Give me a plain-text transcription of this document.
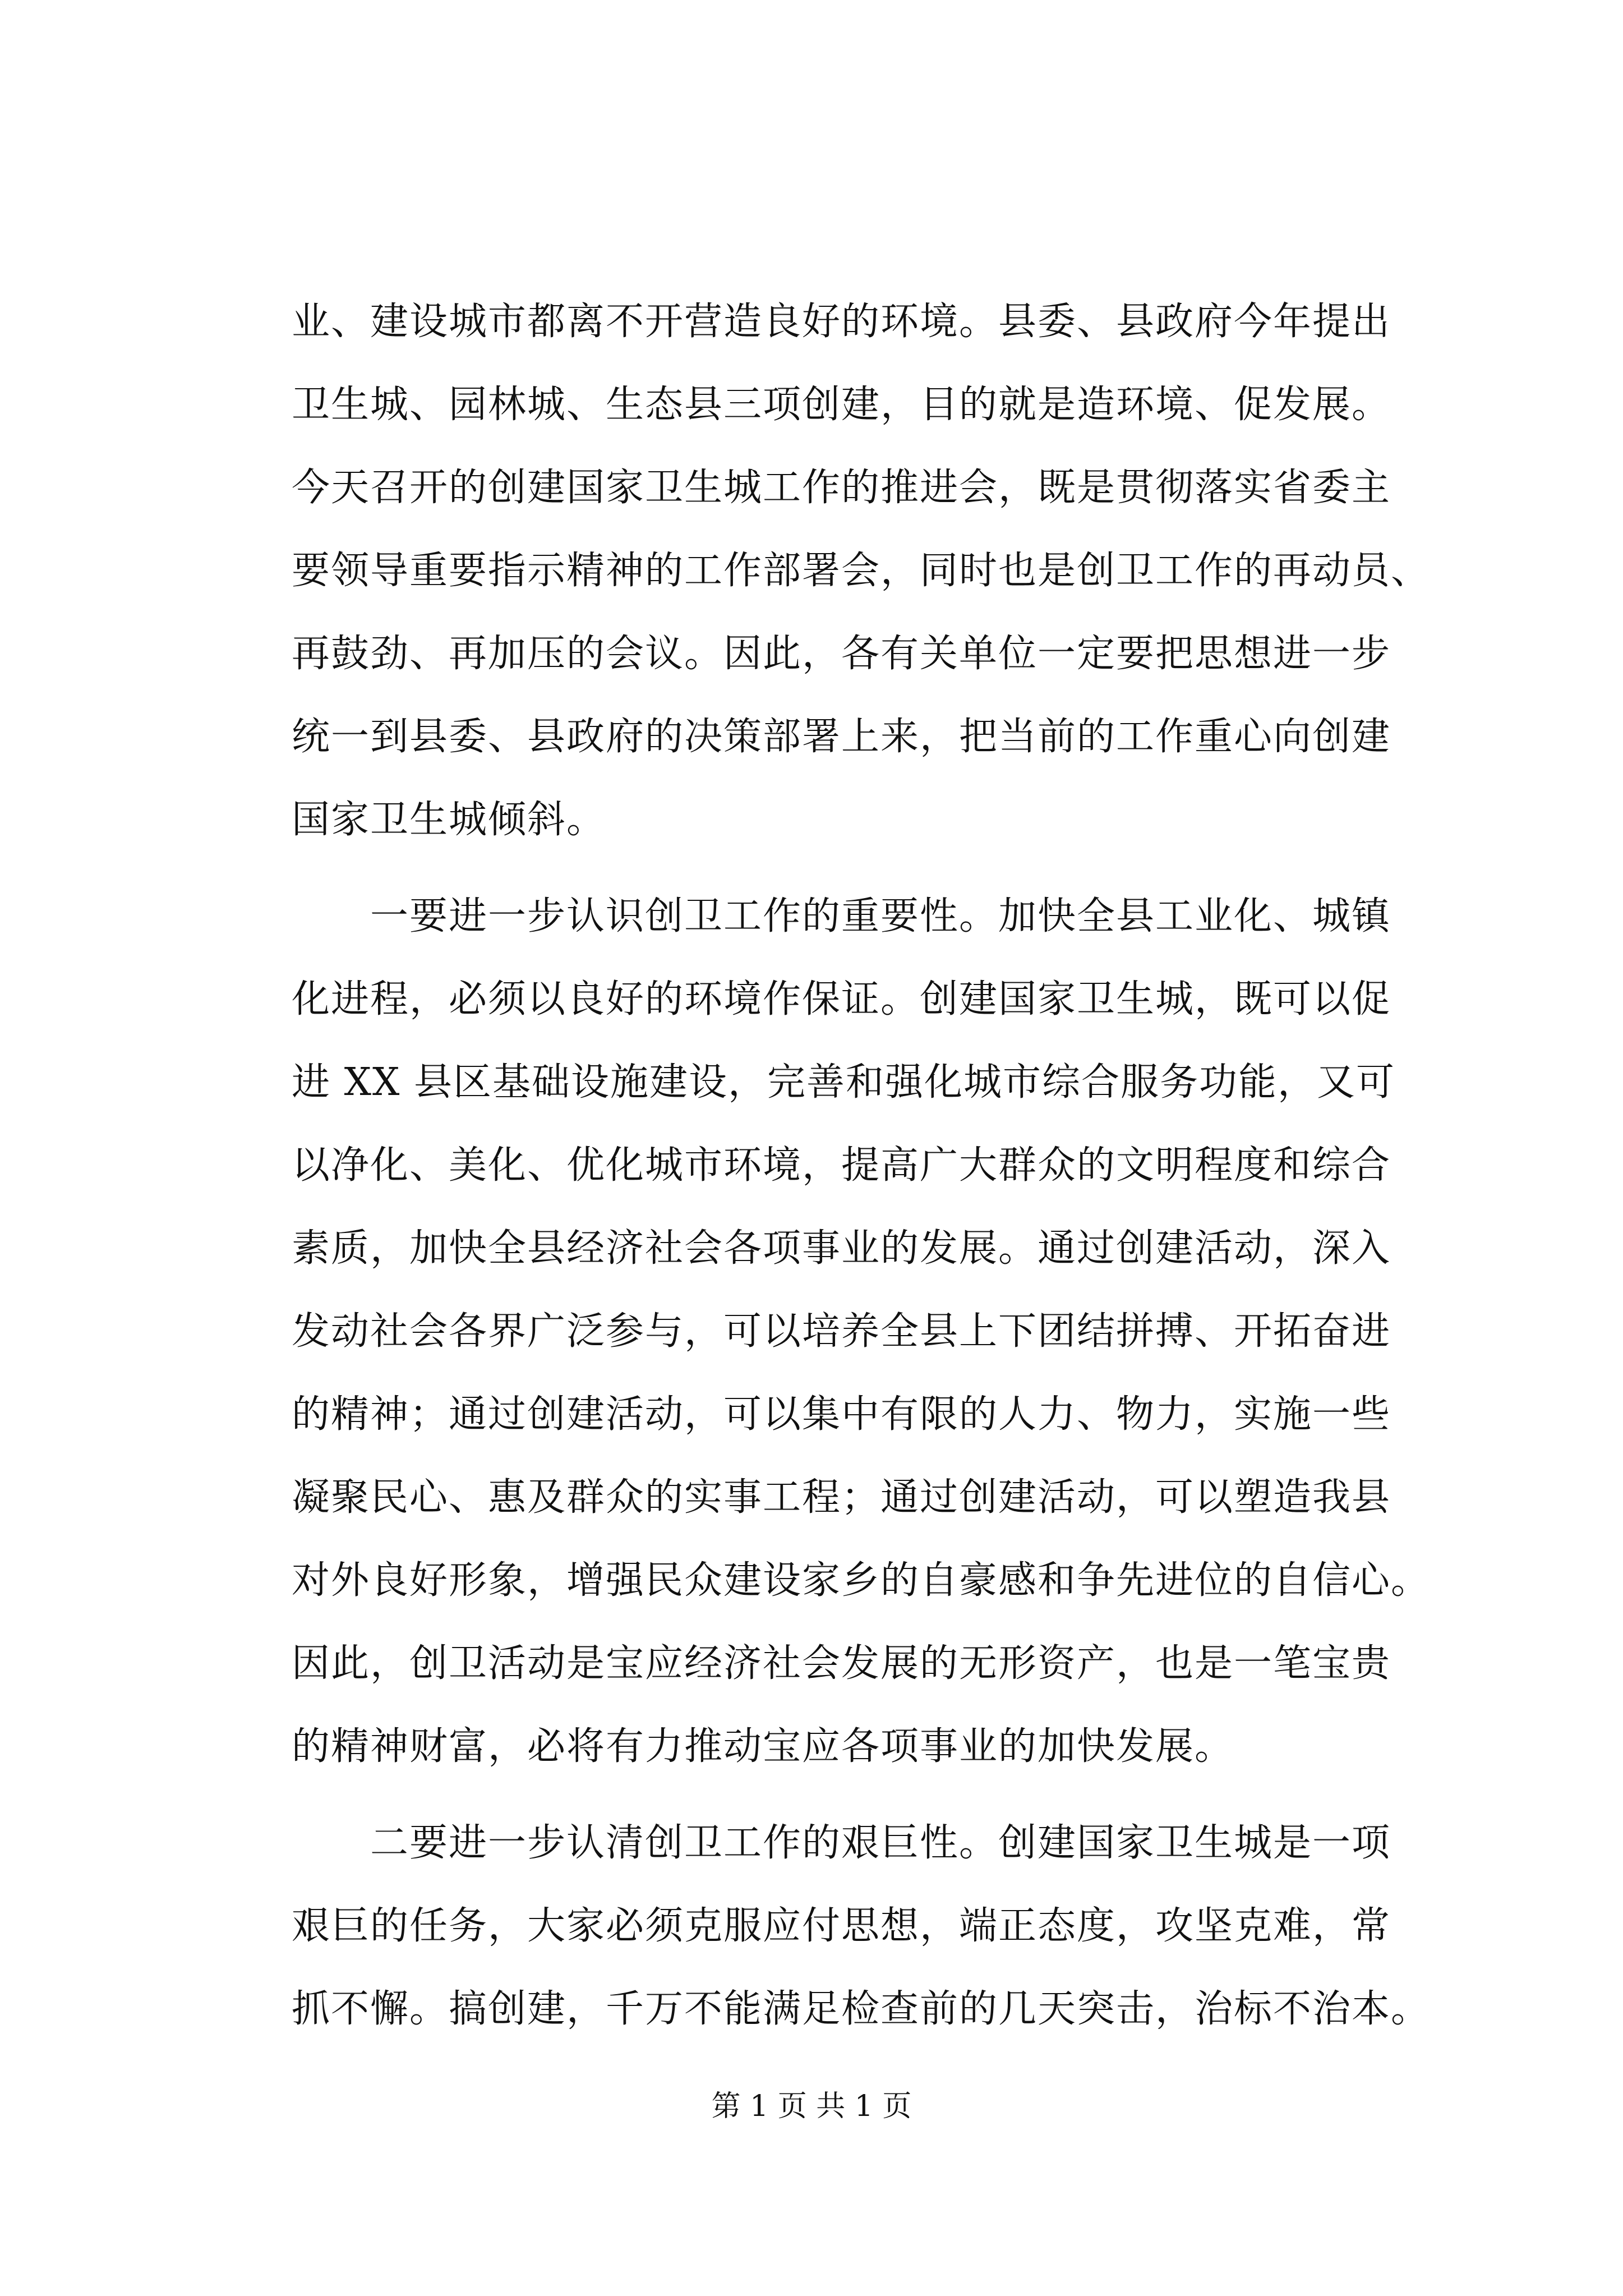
业、建设城市都离不开营造良好的环境。县委、县政府今年提出
卫生城、园林城、生态县三项创建，目的就是造环境、促发展。
今天召开的创建国家卫生城工作的推进会，既是贯彻落实省委主
要领导重要指示精神的工作部署会，同时也是创卫工作的再动员、
再鼓劲、再加压的会议。因此，各有关单位一定要把思想进一步
统一到县委、县政府的决策部署上来，把当前的工作重心向创建
国家卫生城倾斜。
　　一要进一步认识创卫工作的重要性。加快全县工业化、城镇
化进程，必须以良好的环境作保证。创建国家卫生城，既可以促
进 XX 县区基础设施建设，完善和强化城市综合服务功能，又可
以净化、美化、优化城市环境，提高广大群众的文明程度和综合
素质，加快全县经济社会各项事业的发展。通过创建活动，深入
发动社会各界广泛参与，可以培养全县上下团结拼搏、开拓奋进
的精神；通过创建活动，可以集中有限的人力、物力，实施一些
凝聚民心、惠及群众的实事工程；通过创建活动，可以塑造我县
对外良好形象，增强民众建设家乡的自豪感和争先进位的自信心。
因此，创卫活动是宝应经济社会发展的无形资产，也是一笔宝贵
的精神财富，必将有力推动宝应各项事业的加快发展。
　　二要进一步认清创卫工作的艰巨性。创建国家卫生城是一项
艰巨的任务，大家必须克服应付思想，端正态度，攻坚克难，常
抓不懈。搞创建，千万不能满足检查前的几天突击，治标不治本。
第 1 页 共 1 页
